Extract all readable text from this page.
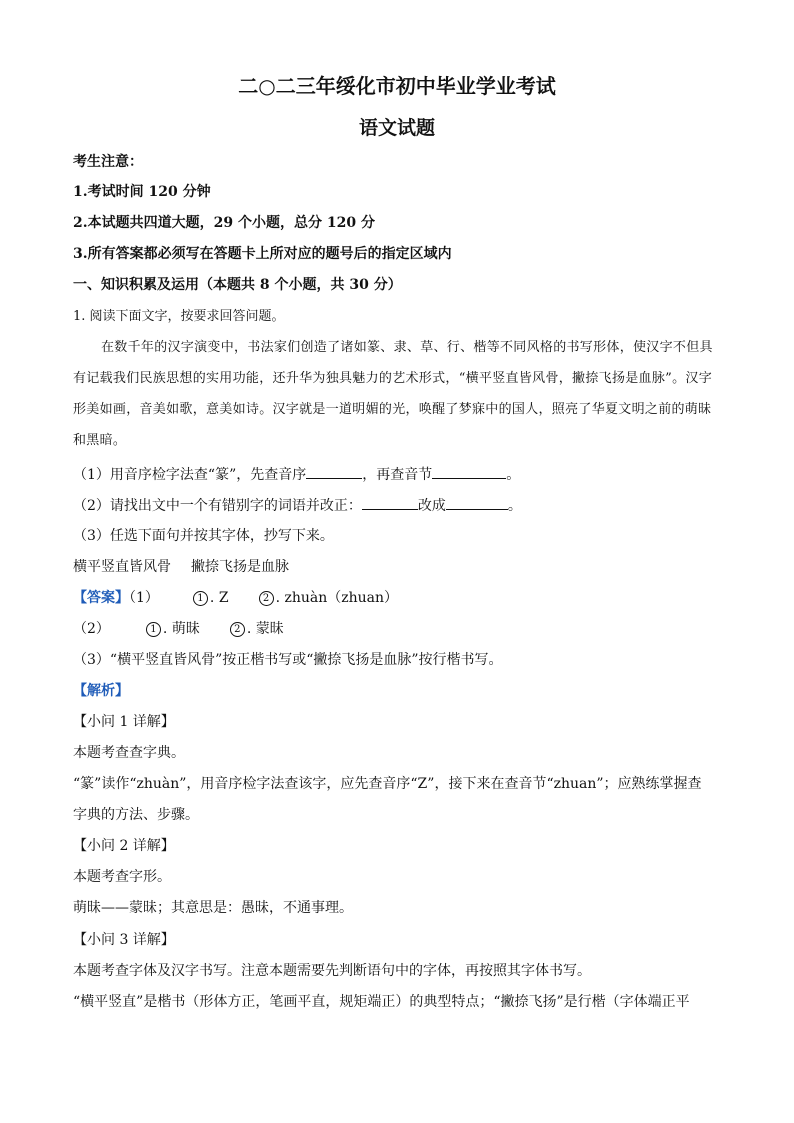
二○二三年绥化市初中毕业学业考试
语文试题
考生注意：
1.考试时间 120 分钟
2.本试题共四道大题，29 个小题，总分 120 分
3.所有答案都必须写在答题卡上所对应的题号后的指定区域内
一、知识积累及运用（本题共 8 个小题，共 30 分）
1. 阅读下面文字，按要求回答问题。
在数千年的汉字演变中，书法家们创造了诸如篆、隶、草、行、楷等不同风格的书写形体，使汉字不但具有记载我们民族思想的实用功能，还升华为独具魅力的艺术形式，“横平竖直皆风骨，撇捺飞扬是血脉”。汉字形美如画，音美如歌，意美如诗。汉字就是一道明媚的光，唤醒了梦寐中的国人，照亮了华夏文明之前的萌昧和黑暗。
（1）用音序检字法查“篆”，先查音序	，再查音节	。
（2）请找出文中一个有错别字的词语并改正：	改成	。
（3）任选下面句并按其字体，抄写下来。
横平竖直皆风骨 撇捺飞扬是血脉
【答案】（1）	1 . Z	2 . zhuàn（zhuan）
（2）	1 . 萌昧	2 . 蒙昧
（3）“横平竖直皆风骨”按正楷书写或“撇捺飞扬是血脉”按行楷书写。
【解析】
【小问 1 详解】
本题考查查字典。
“篆”读作“zhuàn”，用音序检字法查该字，应先查音序“Z”，接下来在查音节“zhuan”；应熟练掌握查
字典的方法、步骤。
【小问 2 详解】
本题考查字形。
萌昧——蒙昧；其意思是：愚昧，不通事理。
【小问 3 详解】
本题考查字体及汉字书写。注意本题需要先判断语句中的字体，再按照其字体书写。
“横平竖直”是楷书（形体方正，笔画平直，规矩端正）的典型特点；“撇捺飞扬”是行楷（字体端正平
